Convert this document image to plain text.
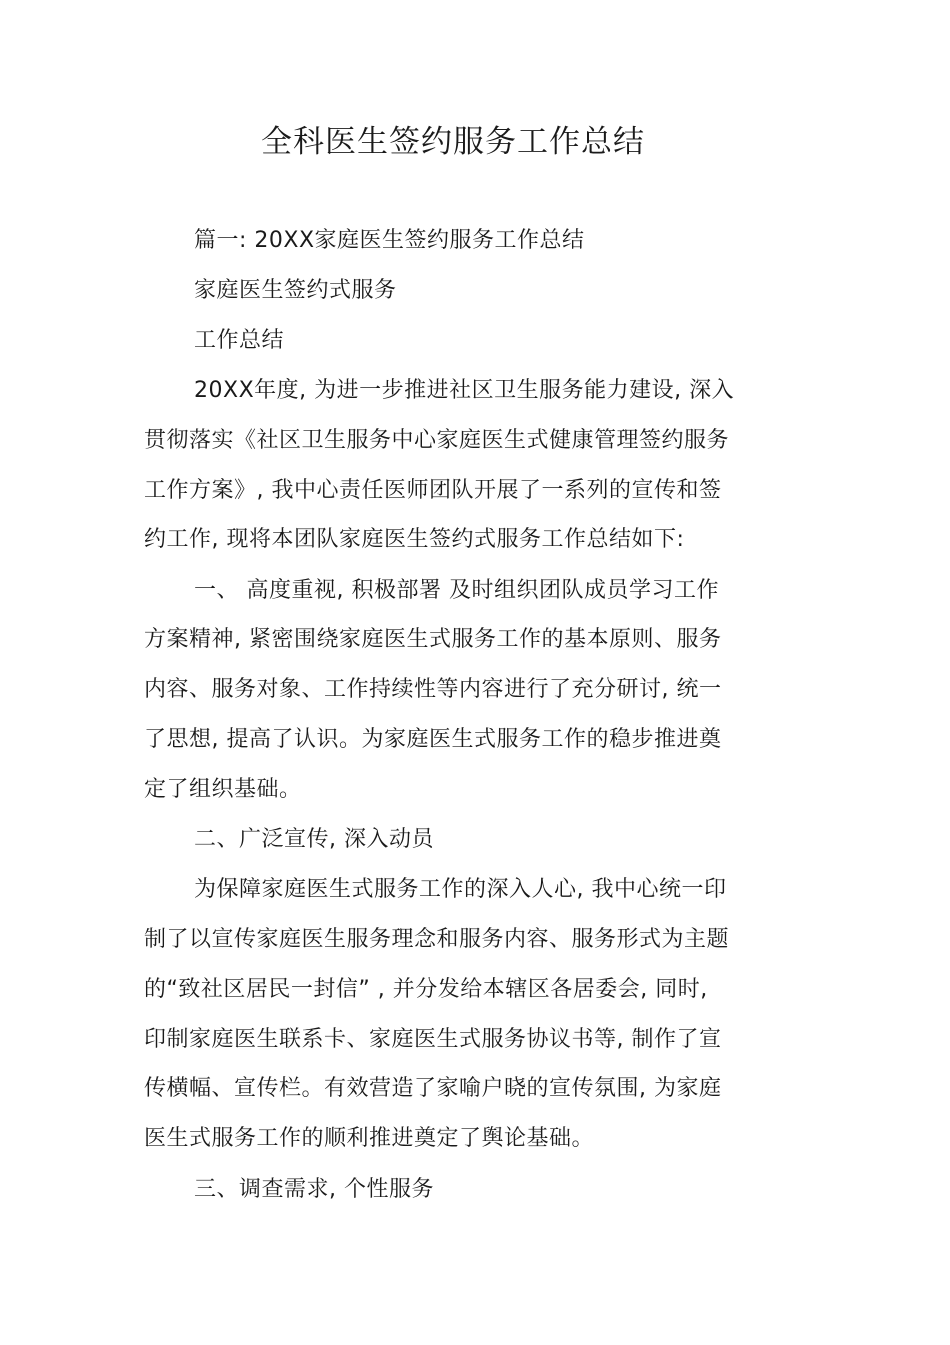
全科医生签约服务工作总结
篇一: 20XX家庭医生签约服务工作总结
家庭医生签约式服务
工作总结
20XX年度, 为进一步推进社区卫生服务能力建设, 深入
贯彻落实《社区卫生服务中心家庭医生式健康管理签约服务
工作方案》, 我中心责任医师团队开展了一系列的宣传和签
约工作, 现将本团队家庭医生签约式服务工作总结如下:
一、 高度重视, 积极部署 及时组织团队成员学习工作
方案精神, 紧密围绕家庭医生式服务工作的基本原则、服务
内容、服务对象、工作持续性等内容进行了充分研讨, 统一
了思想, 提高了认识。为家庭医生式服务工作的稳步推进奠
定了组织基础。
二、广泛宣传, 深入动员
为保障家庭医生式服务工作的深入人心, 我中心统一印
制了以宣传家庭医生服务理念和服务内容、服务形式为主题
的“致社区居民一封信” , 并分发给本辖区各居委会, 同时,
印制家庭医生联系卡、家庭医生式服务协议书等, 制作了宣
传横幅、宣传栏。有效营造了家喻户晓的宣传氛围, 为家庭
医生式服务工作的顺利推进奠定了舆论基础。
三、调查需求, 个性服务
